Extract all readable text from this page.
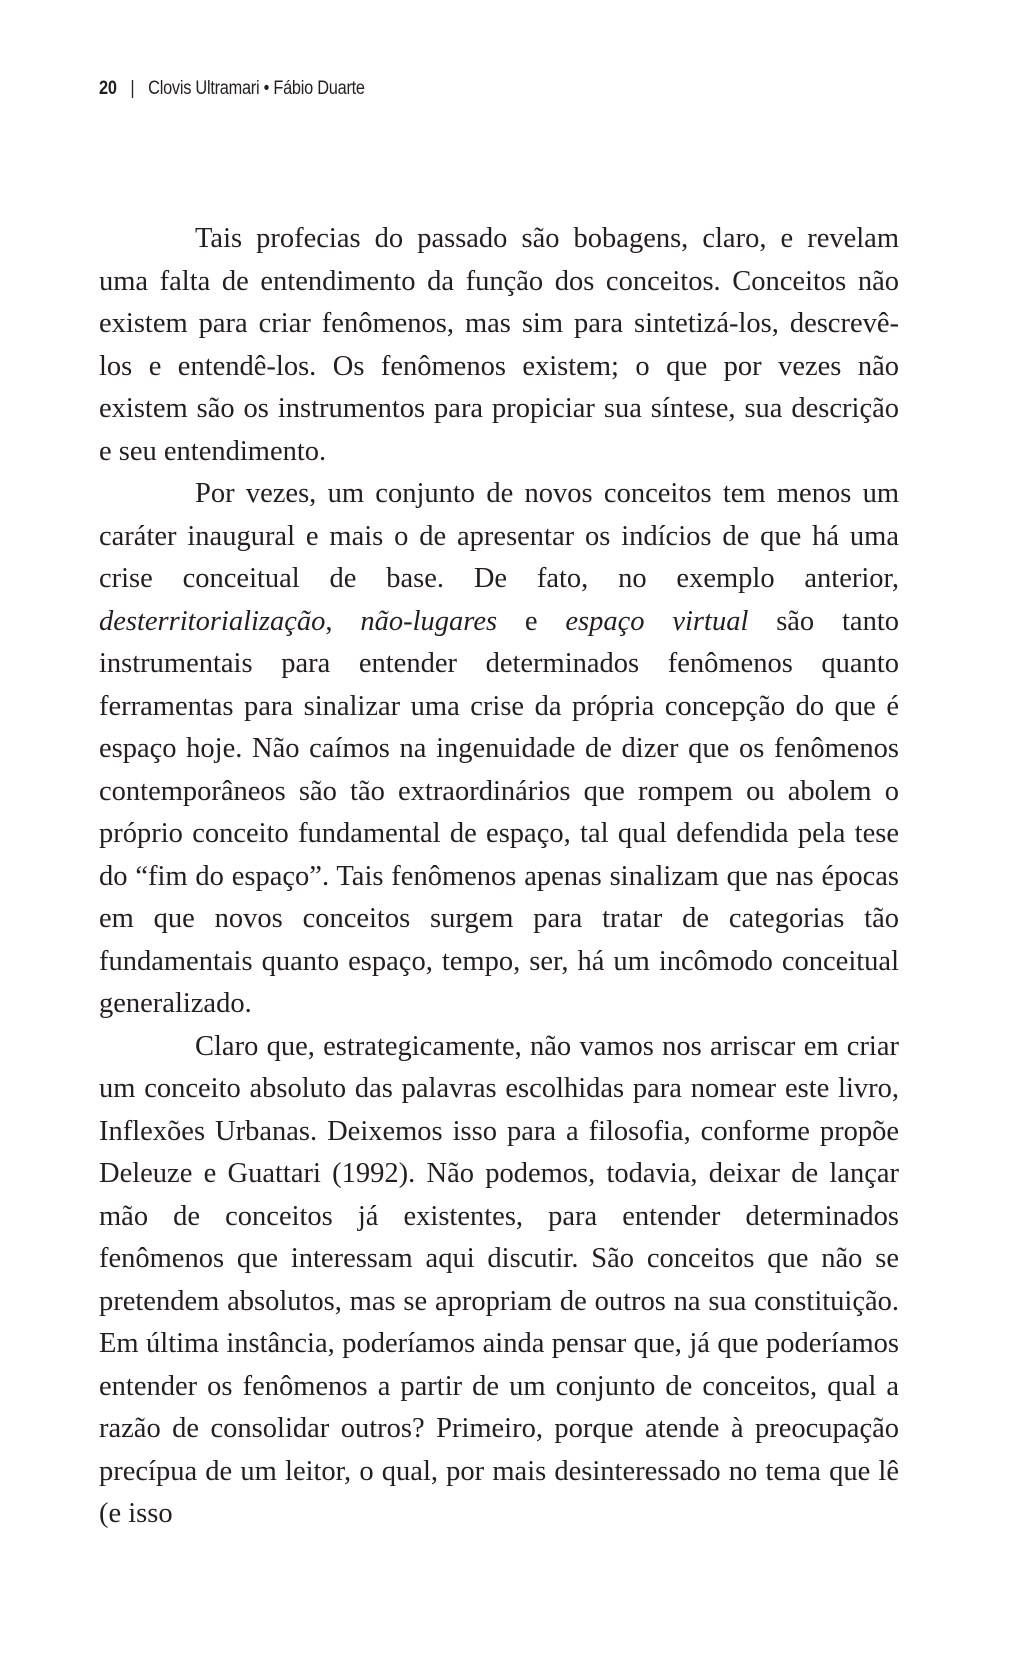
20 | Clovis Ultramari • Fábio Duarte

Tais profecias do passado são bobagens, claro, e revelam uma falta de entendimento da função dos conceitos. Conceitos não existem para criar fenômenos, mas sim para sintetizá-los, descrevê-los e entendê-los. Os fenômenos existem; o que por vezes não existem são os instrumentos para propiciar sua síntese, sua descrição e seu entendimento.

Por vezes, um conjunto de novos conceitos tem menos um caráter inaugural e mais o de apresentar os indícios de que há uma crise conceitual de base. De fato, no exemplo anterior, desterritorialização, não-lugares e espaço virtual são tanto instrumentais para entender determinados fenômenos quanto ferramentas para sinalizar uma crise da própria concepção do que é espaço hoje. Não caímos na ingenuidade de dizer que os fenômenos contemporâneos são tão extraordinários que rompem ou abolem o próprio conceito fundamental de espaço, tal qual defendida pela tese do “fim do espaço”. Tais fenômenos apenas sinalizam que nas épocas em que novos conceitos surgem para tratar de categorias tão fundamentais quanto espaço, tempo, ser, há um incômodo conceitual generalizado.

Claro que, estrategicamente, não vamos nos arriscar em criar um conceito absoluto das palavras escolhidas para nomear este livro, Inflexões Urbanas. Deixemos isso para a filosofia, conforme propõe Deleuze e Guattari (1992). Não podemos, todavia, deixar de lançar mão de conceitos já existentes, para entender determinados fenômenos que interessam aqui discutir. São conceitos que não se pretendem absolutos, mas se apropriam de outros na sua constituição. Em última instância, poderíamos ainda pensar que, já que poderíamos entender os fenômenos a partir de um conjunto de conceitos, qual a razão de consolidar outros? Primeiro, porque atende à preocupação precípua de um leitor, o qual, por mais desinteressado no tema que lê (e isso
